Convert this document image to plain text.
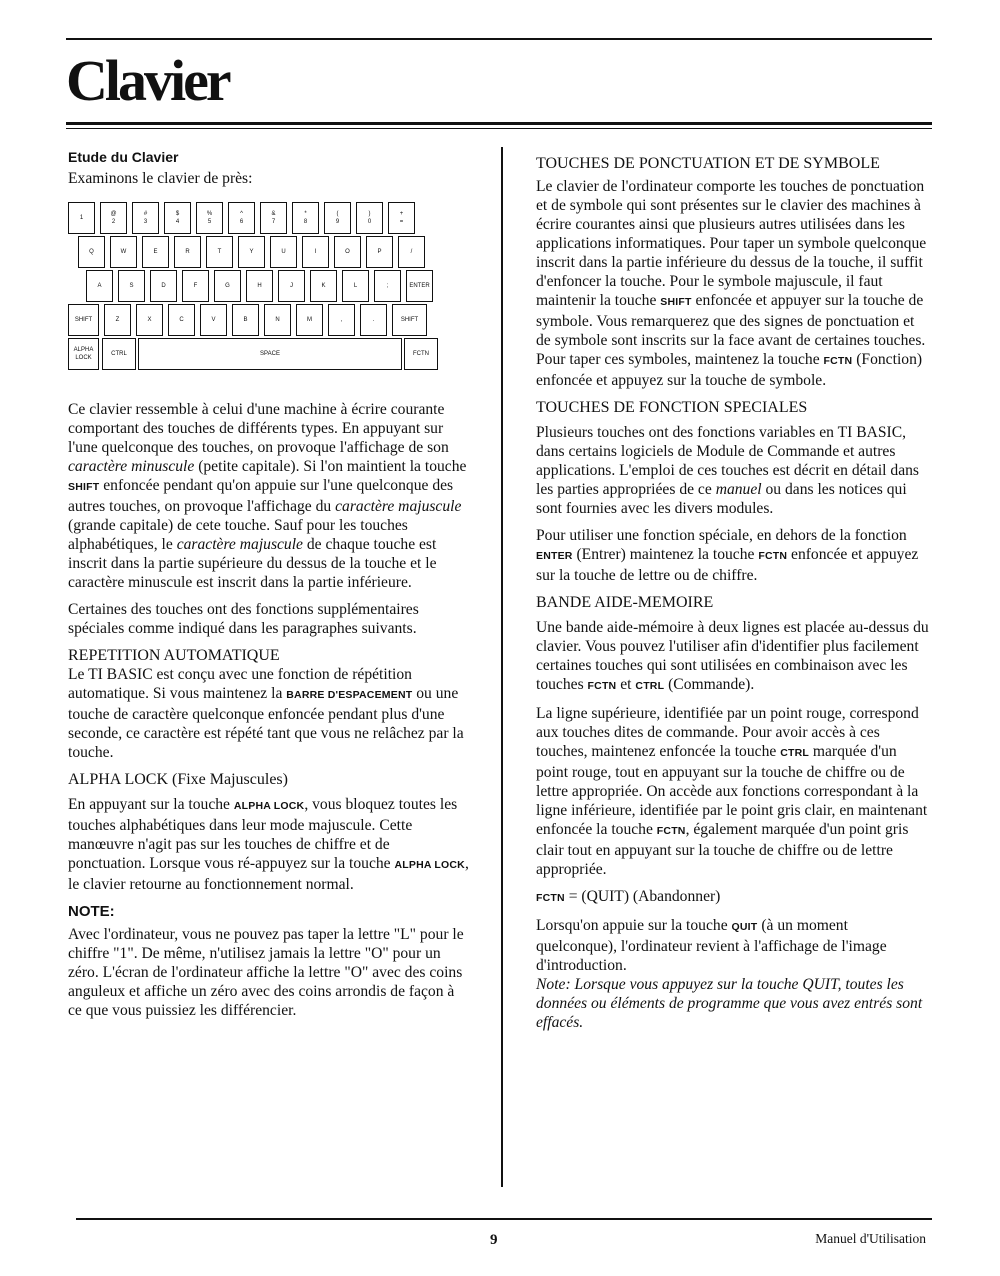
Clavier
Etude du Clavier

Examinons le clavier de près:

1
@
2
#
3
$
4
%
5
^
6
&
7
*
8
(
9
)
0
+
=
Q	W	E	R	T	Y	U	I	O	P	/
A	S	D	F	G	H	J	K	L	;	ENTER
SHIFT	Z	X	C	V	B	N	M	,	.	SHIFT
ALPHA LOCK
CTRL	SPACE	FCTN

Ce clavier ressemble à celui d'une machine à écrire courante comportant des touches de différents types. En appuyant sur l'une quelconque des touches, on provoque l'affichage de son caractère minuscule (petite capitale). Si l'on maintient la touche SHIFT enfoncée pendant qu'on appuie sur l'une quelconque des autres touches, on provoque l'affichage du caractère majuscule (grande capitale) de cete touche. Sauf pour les touches alphabétiques, le caractère majuscule de chaque touche est inscrit dans la partie supérieure du dessus de la touche et le caractère minuscule est inscrit dans la partie inférieure.

Certaines des touches ont des fonctions supplémentaires spéciales comme indiqué dans les paragraphes suivants.

REPETITION AUTOMATIQUE

Le TI BASIC est conçu avec une fonction de répétition automatique. Si vous maintenez la BARRE D'ESPACEMENT ou une touche de caractère quelconque enfoncée pendant plus d'une seconde, ce caractère est répété tant que vous ne relâchez par la touche.

ALPHA LOCK (Fixe Majuscules)

En appuyant sur la touche ALPHA LOCK, vous bloquez toutes les touches alphabétiques dans leur mode majuscule. Cette manœuvre n'agit pas sur les touches de chiffre et de ponctuation. Lorsque vous ré-appuyez sur la touche ALPHA LOCK, le clavier retourne au fonctionnement normal.

NOTE:

Avec l'ordinateur, vous ne pouvez pas taper la lettre "L" pour le chiffre "1". De même, n'utilisez jamais la lettre "O" pour un zéro. L'écran de l'ordinateur affiche la lettre "O" avec des coins anguleux et affiche un zéro avec des coins arrondis de façon à ce que vous puissiez les différencier.

TOUCHES DE PONCTUATION ET DE SYMBOLE

Le clavier de l'ordinateur comporte les touches de ponctuation et de symbole qui sont présentes sur le clavier des machines à écrire courantes ainsi que plusieurs autres utilisées dans les applications informatiques. Pour taper un symbole quelconque inscrit dans la partie inférieure du dessus de la touche, il suffit d'enfoncer la touche. Pour le symbole majuscule, il faut maintenir la touche SHIFT enfoncée et appuyer sur la touche de symbole. Vous remarquerez que des signes de ponctuation et de symbole sont inscrits sur la face avant de certaines touches. Pour taper ces symboles, maintenez la touche FCTN (Fonction) enfoncée et appuyez sur la touche de symbole.

TOUCHES DE FONCTION SPECIALES

Plusieurs touches ont des fonctions variables en TI BASIC, dans certains logiciels de Module de Commande et autres applications. L'emploi de ces touches est décrit en détail dans les parties appropriées de ce manuel ou dans les notices qui sont fournies avec les divers modules.

Pour utiliser une fonction spéciale, en dehors de la fonction ENTER (Entrer) maintenez la touche FCTN enfoncée et appuyez sur la touche de lettre ou de chiffre.

BANDE AIDE-MEMOIRE

Une bande aide-mémoire à deux lignes est placée au-dessus du clavier. Vous pouvez l'utiliser afin d'identifier plus facilement certaines touches qui sont utilisées en combinaison avec les touches FCTN et CTRL (Commande).

La ligne supérieure, identifiée par un point rouge, correspond aux touches dites de commande. Pour avoir accès à ces touches, maintenez enfoncée la touche CTRL marquée d'un point rouge, tout en appuyant sur la touche de chiffre ou de lettre appropriée. On accède aux fonctions correspondant à la ligne inférieure, identifiée par le point gris clair, en maintenant enfoncée la touche FCTN, également marquée d'un point gris clair tout en appuyant sur la touche de chiffre ou de lettre appropriée.

FCTN = (QUIT) (Abandonner)

Lorsqu'on appuie sur la touche QUIT (à un moment quelconque), l'ordinateur revient à l'affichage de l'image d'introduction.

Note: Lorsque vous appuyez sur la touche QUIT, toutes les données ou éléments de programme que vous avez entrés sont effacés.

9	Manuel d'Utilisation
